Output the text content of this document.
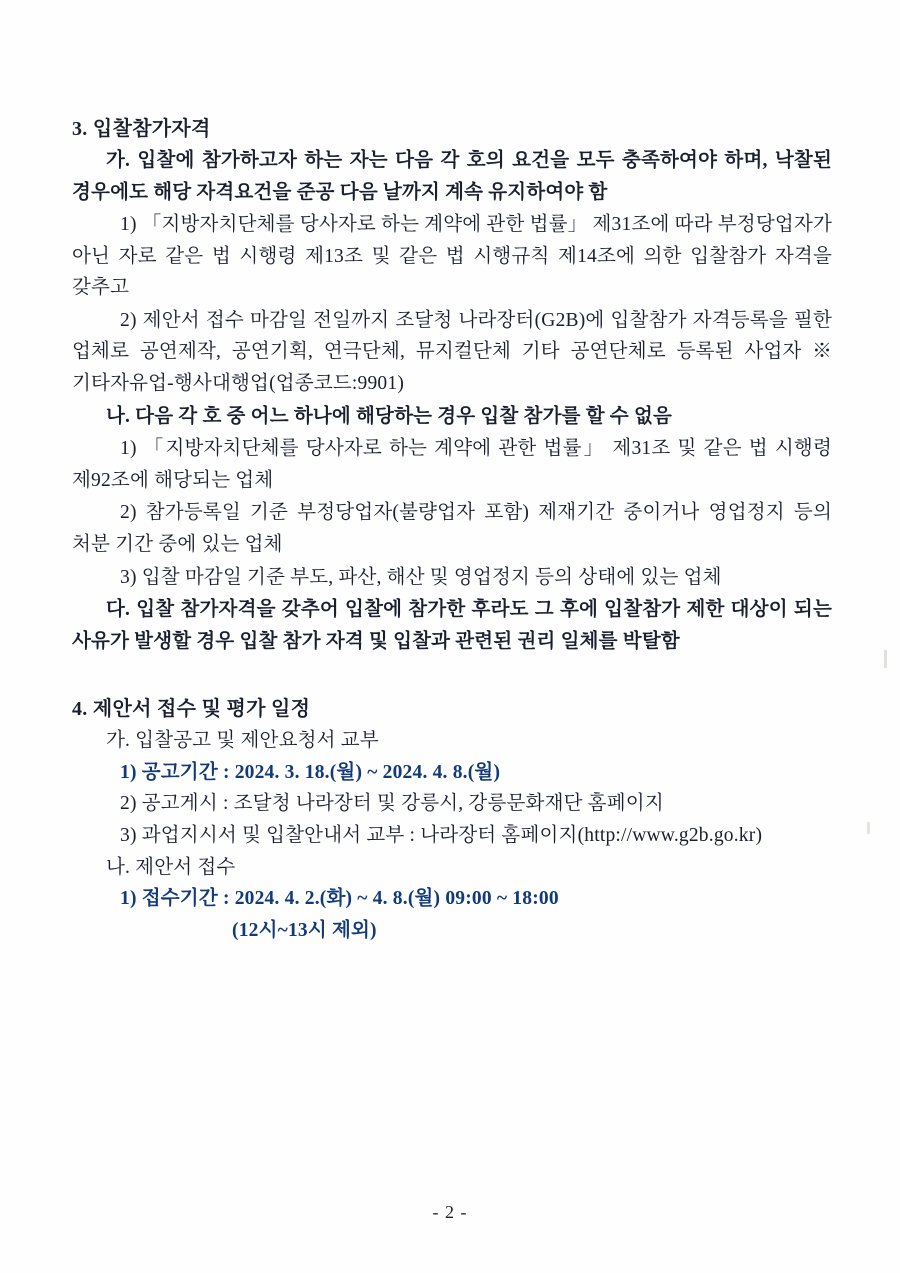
3. 입찰참가자격

가. 입찰에 참가하고자 하는 자는 다음 각 호의 요건을 모두 충족하여야 하며, 낙찰된 경우에도 해당 자격요건을 준공 다음 날까지 계속 유지하여야 함

1) 「지방자치단체를 당사자로 하는 계약에 관한 법률」 제31조에 따라 부정당업자가 아닌 자로 같은 법 시행령 제13조 및 같은 법 시행규칙 제14조에 의한 입찰참가 자격을 갖추고

2) 제안서 접수 마감일 전일까지 조달청 나라장터(G2B)에 입찰참가 자격등록을 필한 업체로 공연제작, 공연기획, 연극단체, 뮤지컬단체 기타 공연단체로 등록된 사업자 ※ 기타자유업-행사대행업(업종코드:9901)

나. 다음 각 호 중 어느 하나에 해당하는 경우 입찰 참가를 할 수 없음

1) 「지방자치단체를 당사자로 하는 계약에 관한 법률」 제31조 및 같은 법 시행령 제92조에 해당되는 업체

2) 참가등록일 기준 부정당업자(불량업자 포함) 제재기간 중이거나 영업정지 등의 처분 기간 중에 있는 업체

3) 입찰 마감일 기준 부도, 파산, 해산 및 영업정지 등의 상태에 있는 업체

다. 입찰 참가자격을 갖추어 입찰에 참가한 후라도 그 후에 입찰참가 제한 대상이 되는 사유가 발생할 경우 입찰 참가 자격 및 입찰과 관련된 권리 일체를 박탈함

4. 제안서 접수 및 평가 일정

가. 입찰공고 및 제안요청서 교부

1) 공고기간 : 2024. 3. 18.(월) ~ 2024. 4. 8.(월)

2) 공고게시 : 조달청 나라장터 및 강릉시, 강릉문화재단 홈페이지

3) 과업지시서 및 입찰안내서 교부 : 나라장터 홈페이지(http://www.g2b.go.kr)

나. 제안서 접수

1) 접수기간 : 2024. 4. 2.(화) ~ 4. 8.(월) 09:00 ~ 18:00

(12시~13시 제외)

- 2 -
